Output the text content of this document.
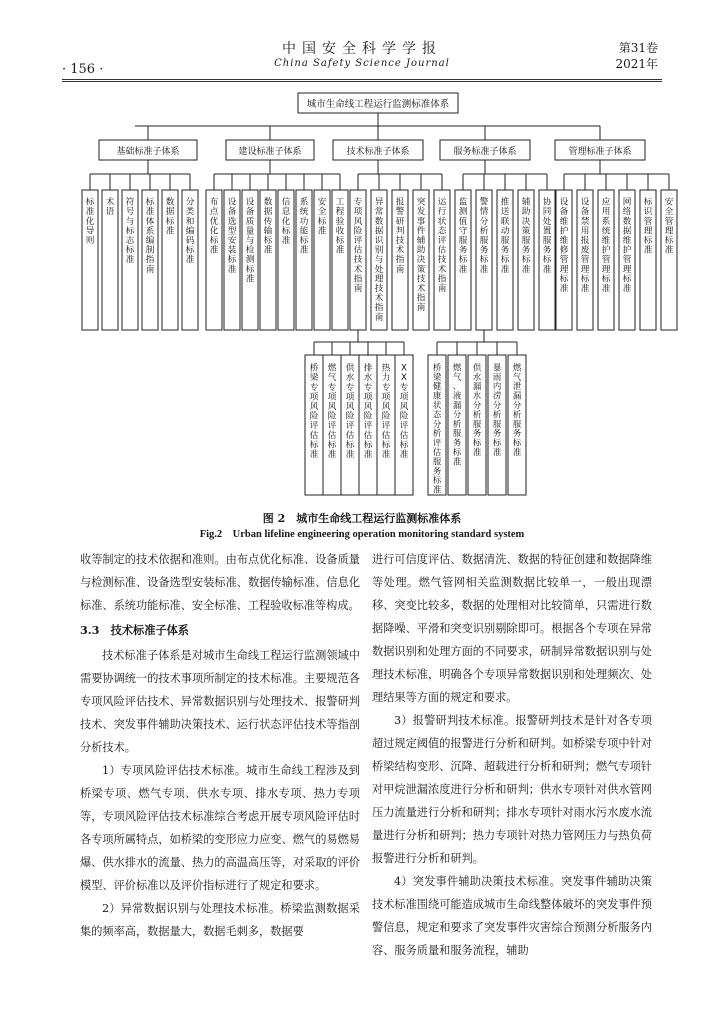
· 156 ·
中国安全科学学报
China Safety Science Journal
第31卷
2021年
城市生命线工程运行监测标准体系
基础标准子体系
标准化导则
术语
符号与标志标准
标准体系编制指南
数据标准
分类和编码标准
建设标准子体系
布点优化标准
设备选型安装标准
设备质量与检测标准
数据传输标准
信息化标准
系统功能标准
安全标准
工程验收标准
技术标准子体系
专项风险评估技术指南
异常数据识别与处理技术指南
报警研判技术指南
突发事件辅助决策技术指南
运行状态评估技术指南
服务标准子体系
监测值守服务标准
警情分析服务标准
推送联动服务标准
辅助决策服务标准
协同处置服务标准
管理标准子体系
设备维护维修管理标准
设备禁用报废管理标准
应用系统维护管理标准
网络数据维护管理标准
标识管理标准
安全管理标准
桥梁专项风险评估标准
燃气专项风险评估标准
供水专项风险评估标准
排水专项风险评估标准
热力专项风险评估标准
X X 专项风险评估标准
桥梁健康状态分析评估服务标准
燃气、液漏分析服务标准
供水漏水分析服务标准
暴雨内涝分析服务标准
燃气泄漏分析服务标准
图 2　城市生命线工程运行监测标准体系
Fig.2　Urban lifeline engineering operation monitoring standard system

收等制定的技术依据和准则。由布点优化标准、设备质量与检测标准、设备选型安装标准、数据传输标准、信息化标准、系统功能标准、安全标准、工程验收标准等构成。

3.3　技术标准子体系

技术标准子体系是对城市生命线工程运行监测领域中需要协调统一的技术事项所制定的技术标准。主要规范各专项风险评估技术、异常数据识别与处理技术、报警研判技术、突发事件辅助决策技术、运行状态评估技术等指剖分析技术。

1）专项风险评估技术标准。城市生命线工程涉及到桥梁专项、燃气专项、供水专项、排水专项、热力专项等，专项风险评估技术标准综合考虑开展专项风险评估时各专项所属特点，如桥梁的变形应力应变、燃气的易燃易爆、供水排水的流量、热力的高温高压等，对采取的评价模型、评价标准以及评价指标进行了规定和要求。

2）异常数据识别与处理技术标准。桥梁监测数据采集的频率高，数据量大，数据毛刺多，数据要

进行可信度评估、数据清洗、数据的特征创建和数据降维等处理。燃气管网相关监测数据比较单一，一般出现漂移、突变比较多，数据的处理相对比较简单，只需进行数据降噪、平滑和突变识别剔除即可。根据各个专项在异常数据识别和处理方面的不同要求，研制异常数据识别与处理技术标准，明确各个专项异常数据识别和处理频次、处理结果等方面的规定和要求。

3）报警研判技术标准。报警研判技术是针对各专项超过规定阈值的报警进行分析和研判。如桥梁专项中针对桥梁结构变形、沉降、超载进行分析和研判；燃气专项针对甲烷泄漏浓度进行分析和研判；供水专项针对供水管网压力流量进行分析和研判；排水专项针对雨水污水废水流量进行分析和研判；热力专项针对热力管网压力与热负荷报警进行分析和研判。

4）突发事件辅助决策技术标准。突发事件辅助决策技术标准围绕可能造成城市生命线整体破坏的突发事件预警信息，规定和要求了突发事件灾害综合预测分析服务内容、服务质量和服务流程，辅助
